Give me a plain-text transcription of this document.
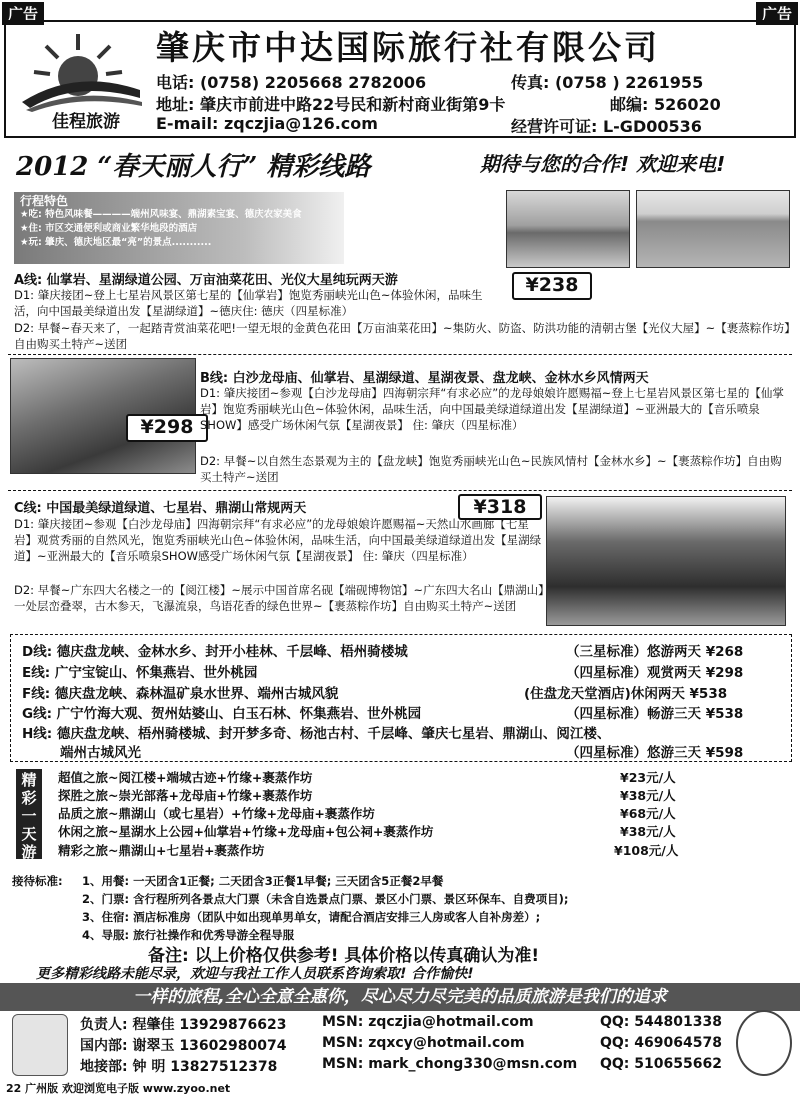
广告	广告
佳程旅游
肇庆市中达国际旅行社有限公司
电话: (0758) 2205668 2782006	传真: (0758 ) 2261955
地址: 肇庆市前进中路22号民和新村商业街第9卡	邮编: 526020
E-mail: zqczjia@126.com	经营许可证: L-GD00536
2012 “春天丽人行” 精彩线路	期待与您的合作! 欢迎来电!
行程特色
★吃: 特色风味餐————端州风味宴、鼎湖素宝宴、德庆农家美食
★住: 市区交通便利或商业繁华地段的酒店
★玩: 肇庆、德庆地区最“亮”的景点...........
A线: 仙掌岩、星湖绿道公园、万亩油菜花田、光仪大星纯玩两天游	¥238
D1: 肇庆接团~登上七星岩风景区第七星的【仙掌岩】饱览秀丽峡光山色~体验休闲，品味生活，向中国最美绿道出发【星湖绿道】~德庆住: 德庆（四星标准）
D2: 早餐~春天来了，一起踏青赏油菜花吧!一望无垠的金黄色花田【万亩油菜花田】~集防火、防盗、防洪功能的清朝古堡【光仪大屋】~【裹蒸粽作坊】自由购买土特产~送团
¥298
B线: 白沙龙母庙、仙掌岩、星湖绿道、星湖夜景、盘龙峡、金林水乡风情两天
D1: 肇庆接团~参观【白沙龙母庙】四海朝宗拜“有求必应”的龙母娘娘许愿赐福~登上七星岩风景区第七星的【仙掌岩】饱览秀丽峡光山色~体验休闲，品味生活，向中国最美绿道绿道出发【星湖绿道】~亚洲最大的【音乐喷泉SHOW】感受广场休闲气氛【星湖夜景】 住: 肇庆（四星标准）
D2: 早餐~以自然生态景观为主的【盘龙峡】饱览秀丽峡光山色~民族风情村【金林水乡】~【裹蒸粽作坊】自由购买土特产~送团
C线: 中国最美绿道绿道、七星岩、鼎湖山常规两天	¥318
D1: 肇庆接团~参观【白沙龙母庙】四海朝宗拜“有求必应”的龙母娘娘许愿赐福~天然山水画廊【七星岩】观赏秀丽的自然风光，饱览秀丽峡光山色~体验休闲，品味生活，向中国最美绿道绿道出发【星湖绿道】~亚洲最大的【音乐喷泉SHOW感受广场休闲气氛【星湖夜景】 住: 肇庆（四星标准）
D2: 早餐~广东四大名楼之一的【阅江楼】~展示中国首席名砚【端砚博物馆】~广东四大名山【鼎湖山】一处层峦叠翠，古木参天，飞瀑流泉，鸟语花香的绿色世界~【裹蒸粽作坊】自由购买土特产~送团
D线: 德庆盘龙峡、金林水乡、封开小桂林、千层峰、梧州骑楼城	（三星标准）悠游两天 ¥268
E线: 广宁宝锭山、怀集燕岩、世外桃园	（四星标准）观赏两天 ¥298
F线: 德庆盘龙峡、森林温矿泉水世界、端州古城风貌	(住盘龙天堂酒店)休闲两天 ¥538
G线: 广宁竹海大观、贺州姑婆山、白玉石林、怀集燕岩、世外桃园	（四星标准）畅游三天 ¥538
H线: 德庆盘龙峡、梧州骑楼城、封开梦多奇、杨池古村、千层峰、肇庆七星岩、鼎湖山、阅江楼、
端州古城风光	（四星标准）悠游三天 ¥598
精彩一天游
超值之旅~阅江楼+端城古迹+竹缘+裹蒸作坊	¥23元/人
探胜之旅~崇光部落+龙母庙+竹缘+裹蒸作坊	¥38元/人
品质之旅~鼎湖山（或七星岩）+竹缘+龙母庙+裹蒸作坊	¥68元/人
休闲之旅~星湖水上公园+仙掌岩+竹缘+龙母庙+包公祠+裹蒸作坊	¥38元/人
精彩之旅~鼎湖山+七星岩+裹蒸作坊	¥108元/人
接待标准: 1、用餐: 一天团含1正餐; 二天团含3正餐1早餐; 三天团含5正餐2早餐
2、门票: 含行程所列各景点大门票（未含自选景点门票、景区小门票、景区环保车、自费项目);
3、住宿: 酒店标准房（团队中如出现单男单女，请配合酒店安排三人房或客人自补房差）;
4、导服: 旅行社操作和优秀导游全程导服
备注: 以上价格仅供参考! 具体价格以传真确认为准!
更多精彩线路未能尽录，欢迎与我社工作人员联系咨询索取! 合作愉快!
一样的旅程,全心全意全惠你，尽心尽力尽完美的品质旅游是我们的追求
负责人: 程肇佳 13929876623	MSN: zqczjia@hotmail.com	QQ: 544801338
国内部: 谢翠玉 13602980074	MSN: zqxcy@hotmail.com	QQ: 469064578
地接部: 钟 明 13827512378	MSN: mark_chong330@msn.com QQ: 510655662
22 广州版 欢迎浏览电子版 www.zyoo.net
